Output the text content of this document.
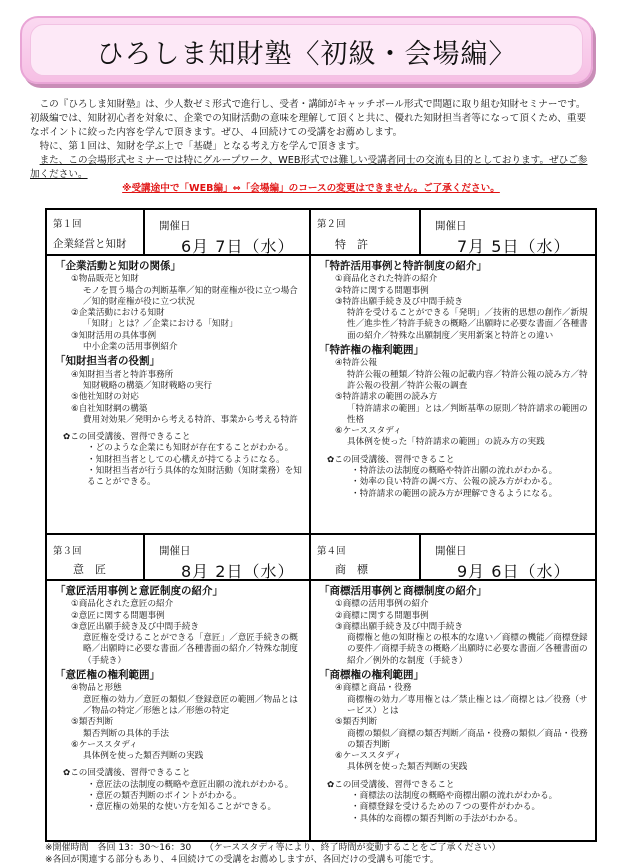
ひろしま知財塾〈初級・会場編〉

この『ひろしま知財塾』は、少人数ゼミ形式で進行し、受者・講師がキャッチボール形式で問題に取り組む知財セミナーです。初級編では、知財初心者を対象に、企業での知財活動の意味を理解して頂くと共に、優れた知財担当者等になって頂くため、重要なポイントに絞った内容を学んで頂きます。ぜひ、４回続けての受講をお薦めします。

特に、第１回は、知財を学ぶ上で「基礎」となる考え方を学んで頂きます。

また、この会場形式セミナーでは特にグループワーク、WEB形式では難しい受講者同士の交流も目的としております。ぜひご参加ください。

※受講途中で「WEB編」⇔「会場編」のコースの変更はできません。ご了承ください。

第１回
企業経営と知財
開催日
6月 7日（水）
第２回
特　許
開催日
7月 5日（水）
「企業活動と知財の関係」

①物品販売と知財

モノを買う場合の判断基準／知的財産権が役に立つ場合／知的財産権が役に立つ状況

②企業活動における知財

「知財」とは？／企業における「知財」

③知財活用の具体事例

中小企業の活用事例紹介

「知財担当者の役割」

④知財担当者と特許事務所

知財戦略の構築／知財戦略の実行

⑤他社知財の対応

⑥自社知財網の構築

費用対効果／発明から考える特許、事業から考える特許

✿この回受講後、習得できること

・どのような企業にも知財が存在することがわかる。

・知財担当者としての心構えが持てるようになる。

・知財担当者が行う具体的な知財活動（知財業務）を知ることができる。

「特許活用事例と特許制度の紹介」

①商品化された特許の紹介

②特許に関する問題事例

③特許出願手続き及び中間手続き

特許を受けることができる「発明」／技術的思想の創作／新規性／進歩性／特許手続きの概略／出願時に必要な書面／各種書面の紹介／特殊な出願制度／実用新案と特許との違い

「特許権の権利範囲」

④特許公報

特許公報の種類／特許公報の記載内容／特許公報の読み方／特許公報の役割／特許公報の調査

⑤特許請求の範囲の読み方

「特許請求の範囲」とは／判断基準の原則／特許請求の範囲の性格

⑥ケーススタディ

具体例を使った「特許請求の範囲」の読み方の実践

✿この回受講後、習得できること

・特許法の法制度の概略や特許出願の流れがわかる。

・効率の良い特許の調べ方、公報の読み方がわかる。

・特許請求の範囲の読み方が理解できるようになる。

第３回
意　匠
開催日
8月 2日（水）
第４回
商　標
開催日
9月 6日（水）
「意匠活用事例と意匠制度の紹介」

①商品化された意匠の紹介

②意匠に関する問題事例

③意匠出願手続き及び中間手続き

意匠権を受けることができる「意匠」／意匠手続きの概略／出願時に必要な書面／各種書面の紹介／特殊な制度（手続き）

「意匠権の権利範囲」

④物品と形態

意匠権の効力／意匠の類似／登録意匠の範囲／物品とは／物品の特定／形態とは／形態の特定

⑤類否判断

類否判断の具体的手法

⑥ケーススタディ

具体例を使った類否判断の実践

✿この回受講後、習得できること

・意匠法の法制度の概略や意匠出願の流れがわかる。

・意匠の類否判断のポイントがわかる。

・意匠権の効果的な使い方を知ることができる。

「商標活用事例と商標制度の紹介」

①商標の活用事例の紹介

②商標に関する問題事例

③商標出願手続き及び中間手続き

商標権と他の知財権との根本的な違い／商標の機能／商標登録の要件／商標手続きの概略／出願時に必要な書面／各種書面の紹介／例外的な制度（手続き）

「商標権の権利範囲」

④商標と商品・役務

商標権の効力／専用権とは／禁止権とは／商標とは／役務（サービス）とは

⑤類否判断

商標の類似／商標の類否判断／商品・役務の類似／商品・役務の類否判断

⑥ケーススタディ

具体例を使った類否判断の実践

✿この回受講後、習得できること

・商標法の法制度の概略や商標出願の流れがわかる。

・商標登録を受けるための７つの要件がわかる。

・具体的な商標の類否判断の手法がわかる。

※開催時間　各回 13：30～16：30　　（ケーススタディ等により、終了時間が変動することをご了承ください）

※各回が関連する部分もあり、４回続けての受講をお薦めしますが、各回だけの受講も可能です。
